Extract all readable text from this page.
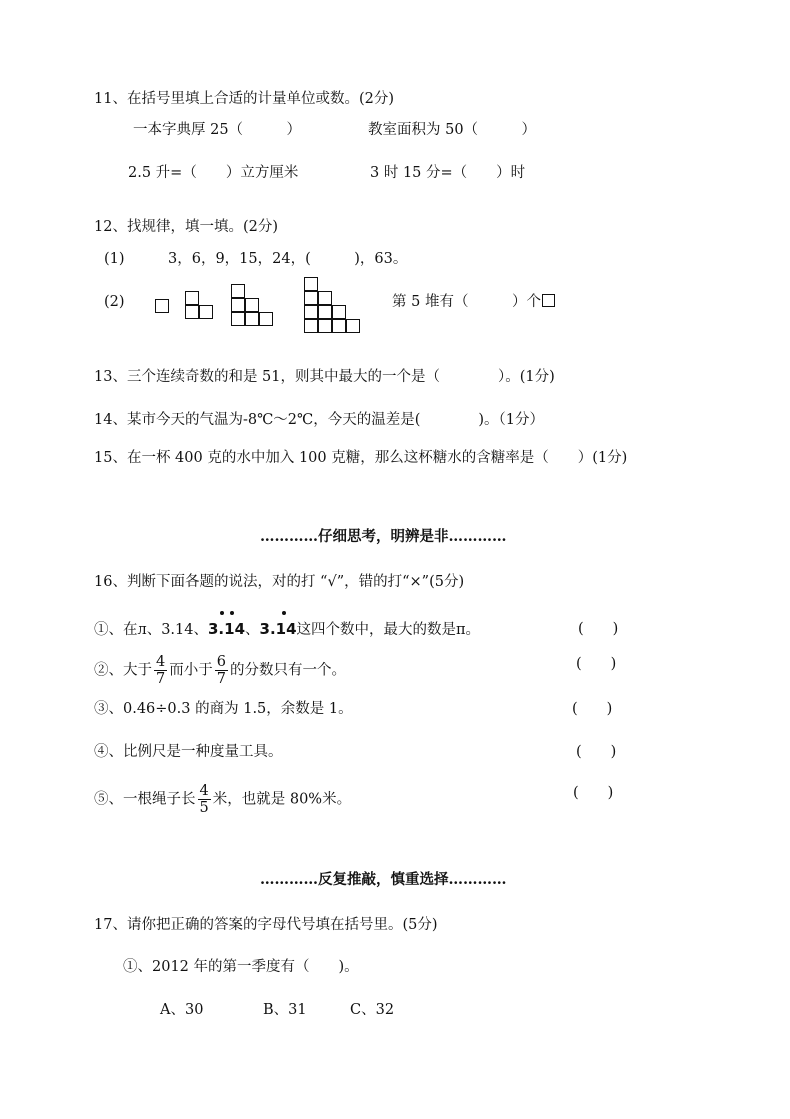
11、在括号里填上合适的计量单位或数。(2分)
一本字典厚 25（　　　）	教室面积为 50（　　　）
2.5 升=（　　）立方厘米	3 时 15 分=（　　）时
12、找规律，填一填。(2分)
(1)	3，6，9，15，24，(　　　)，63。
(2)	第 5 堆有（　　　）个
13、三个连续奇数的和是 51，则其中最大的一个是（　　　　）。(1分)
14、某市今天的气温为-8℃～2℃，今天的温差是(　　　　)。（1分）
15、在一杯 400 克的水中加入 100 克糖，那么这杯糖水的含糖率是（　　）(1分)
…………仔细思考，明辨是非…………
16、判断下面各题的说法，对的打 “√”，错的打“×”(5分)
①、在л、3.14、3.14
、3.14
这四个数中，最大的数是π。	(　　)
②、大于 $\frac{4}{7}$ 而小于 $\frac{6}{7}$ 的分数只有一个。	(　　)
③、0.46÷0.3 的商为 1.5，余数是 1。	(　　)
④、比例尺是一种度量工具。	(　　)
⑤、一根绳子长 $\frac{4}{5}$ 米，也就是 80%米。	(　　)
…………反复推敲，慎重选择…………
17、请你把正确的答案的字母代号填在括号里。(5分)
①、2012 年的第一季度有（　　)。
A、30	B、31	C、32
